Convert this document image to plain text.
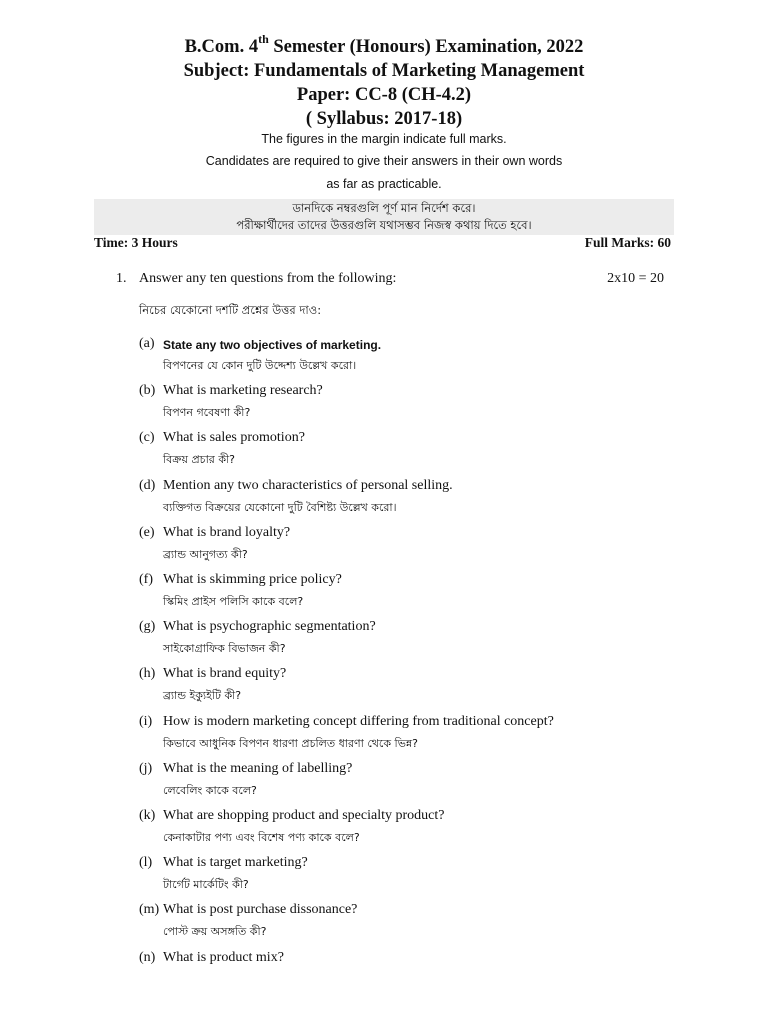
B.Com. 4th Semester (Honours) Examination, 2022
Subject: Fundamentals of Marketing Management
Paper: CC-8 (CH-4.2)
( Syllabus: 2017-18)
The figures in the margin indicate full marks.
Candidates are required to give their answers in their own words
as far as practicable.
ডানদিকে নম্বরগুলি পূর্ণ মান নির্দেশ করে।
পরীক্ষার্থীদের তাদের উত্তরগুলি যথাসম্ভব নিজস্ব কথায় দিতে হবে।
Time: 3 Hours	Full Marks: 60
1. Answer any ten questions from the following:	2x10 = 20
নিচের যেকোনো দশটি প্রশ্নের উত্তর দাও:
(a) State any two objectives of marketing.
বিপণনের যে কোন দুটি উদ্দেশ্য উল্লেখ করো।
(b) What is marketing research?
বিপণন গবেষণা কী?
(c) What is sales promotion?
বিক্রয় প্রচার কী?
(d) Mention any two characteristics of personal selling.
ব্যক্তিগত বিক্রয়ের যেকোনো দুটি বৈশিষ্ট্য উল্লেখ করো।
(e) What is brand loyalty?
ব্র্যান্ড আনুগত্য কী?
(f) What is skimming price policy?
স্কিমিং প্রাইস পলিসি কাকে বলে?
(g) What is psychographic segmentation?
সাইকোগ্রাফিক বিভাজন কী?
(h) What is brand equity?
ব্র্যান্ড ইক্যুইটি কী?
(i) How is modern marketing concept differing from traditional concept?
কিভাবে আধুনিক বিপণন ধারণা প্রচলিত ধারণা থেকে ভিন্ন?
(j) What is the meaning of labelling?
লেবেলিং কাকে বলে?
(k) What are shopping product and specialty product?
কেনাকাটার পণ্য এবং বিশেষ পণ্য কাকে বলে?
(l) What is target marketing?
টার্গেট মার্কেটিং কী?
(m) What is post purchase dissonance?
পোস্ট ক্রয় অসঙ্গতি কী?
(n) What is product mix?
